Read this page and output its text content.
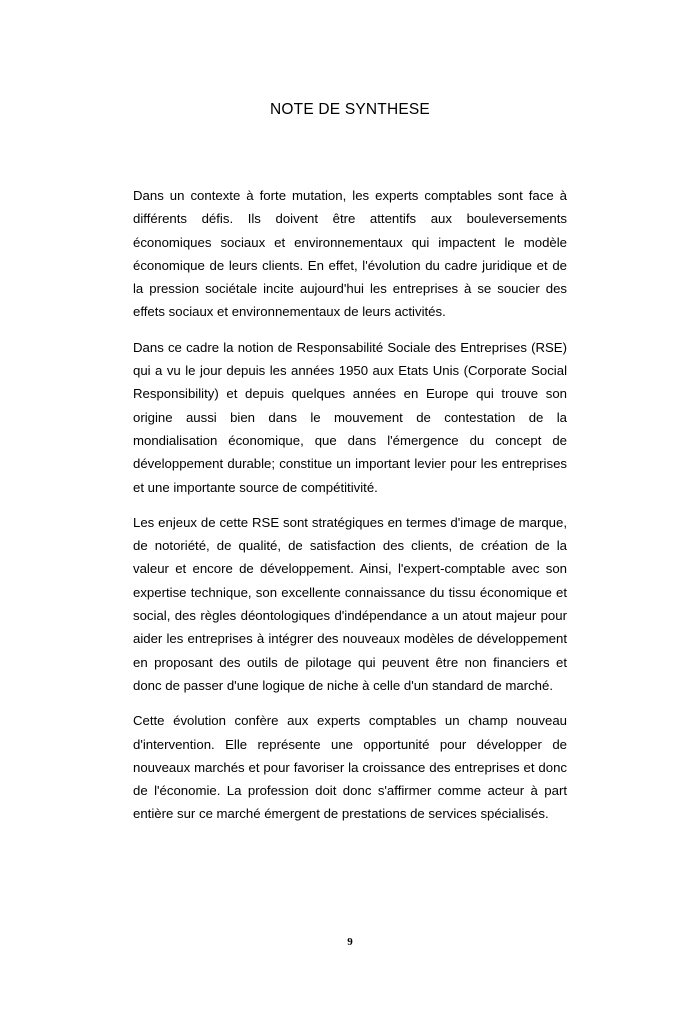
NOTE DE SYNTHESE

Dans un contexte à forte mutation, les experts comptables sont face à différents défis. Ils doivent être attentifs aux bouleversements économiques sociaux et environnementaux qui impactent le modèle économique de leurs clients. En effet, l'évolution du cadre juridique et de la pression sociétale incite aujourd'hui les entreprises à se soucier des effets sociaux et environnementaux de leurs activités.

Dans ce cadre la notion de Responsabilité Sociale des Entreprises (RSE) qui a vu le jour depuis les années 1950 aux Etats Unis (Corporate Social Responsibility) et depuis quelques années en Europe qui trouve son origine aussi bien dans le mouvement de contestation de la mondialisation économique, que dans l'émergence du concept de développement durable; constitue un important levier pour les entreprises et une importante source de compétitivité.

Les enjeux de cette RSE sont stratégiques en termes d'image de marque, de notoriété, de qualité, de satisfaction des clients, de création de la valeur et encore de développement. Ainsi, l'expert-comptable avec son expertise technique, son excellente connaissance du tissu économique et social, des règles déontologiques d'indépendance a un atout majeur pour aider les entreprises à intégrer des nouveaux modèles de développement en proposant des outils de pilotage qui peuvent être non financiers et donc de passer d'une logique de niche à celle d'un standard de marché.

Cette évolution confère aux experts comptables un champ nouveau d'intervention. Elle représente une opportunité pour développer de nouveaux marchés et pour favoriser la croissance des entreprises et donc de l'économie. La profession doit donc s'affirmer comme acteur à part entière sur ce marché émergent de prestations de services spécialisés.

9
